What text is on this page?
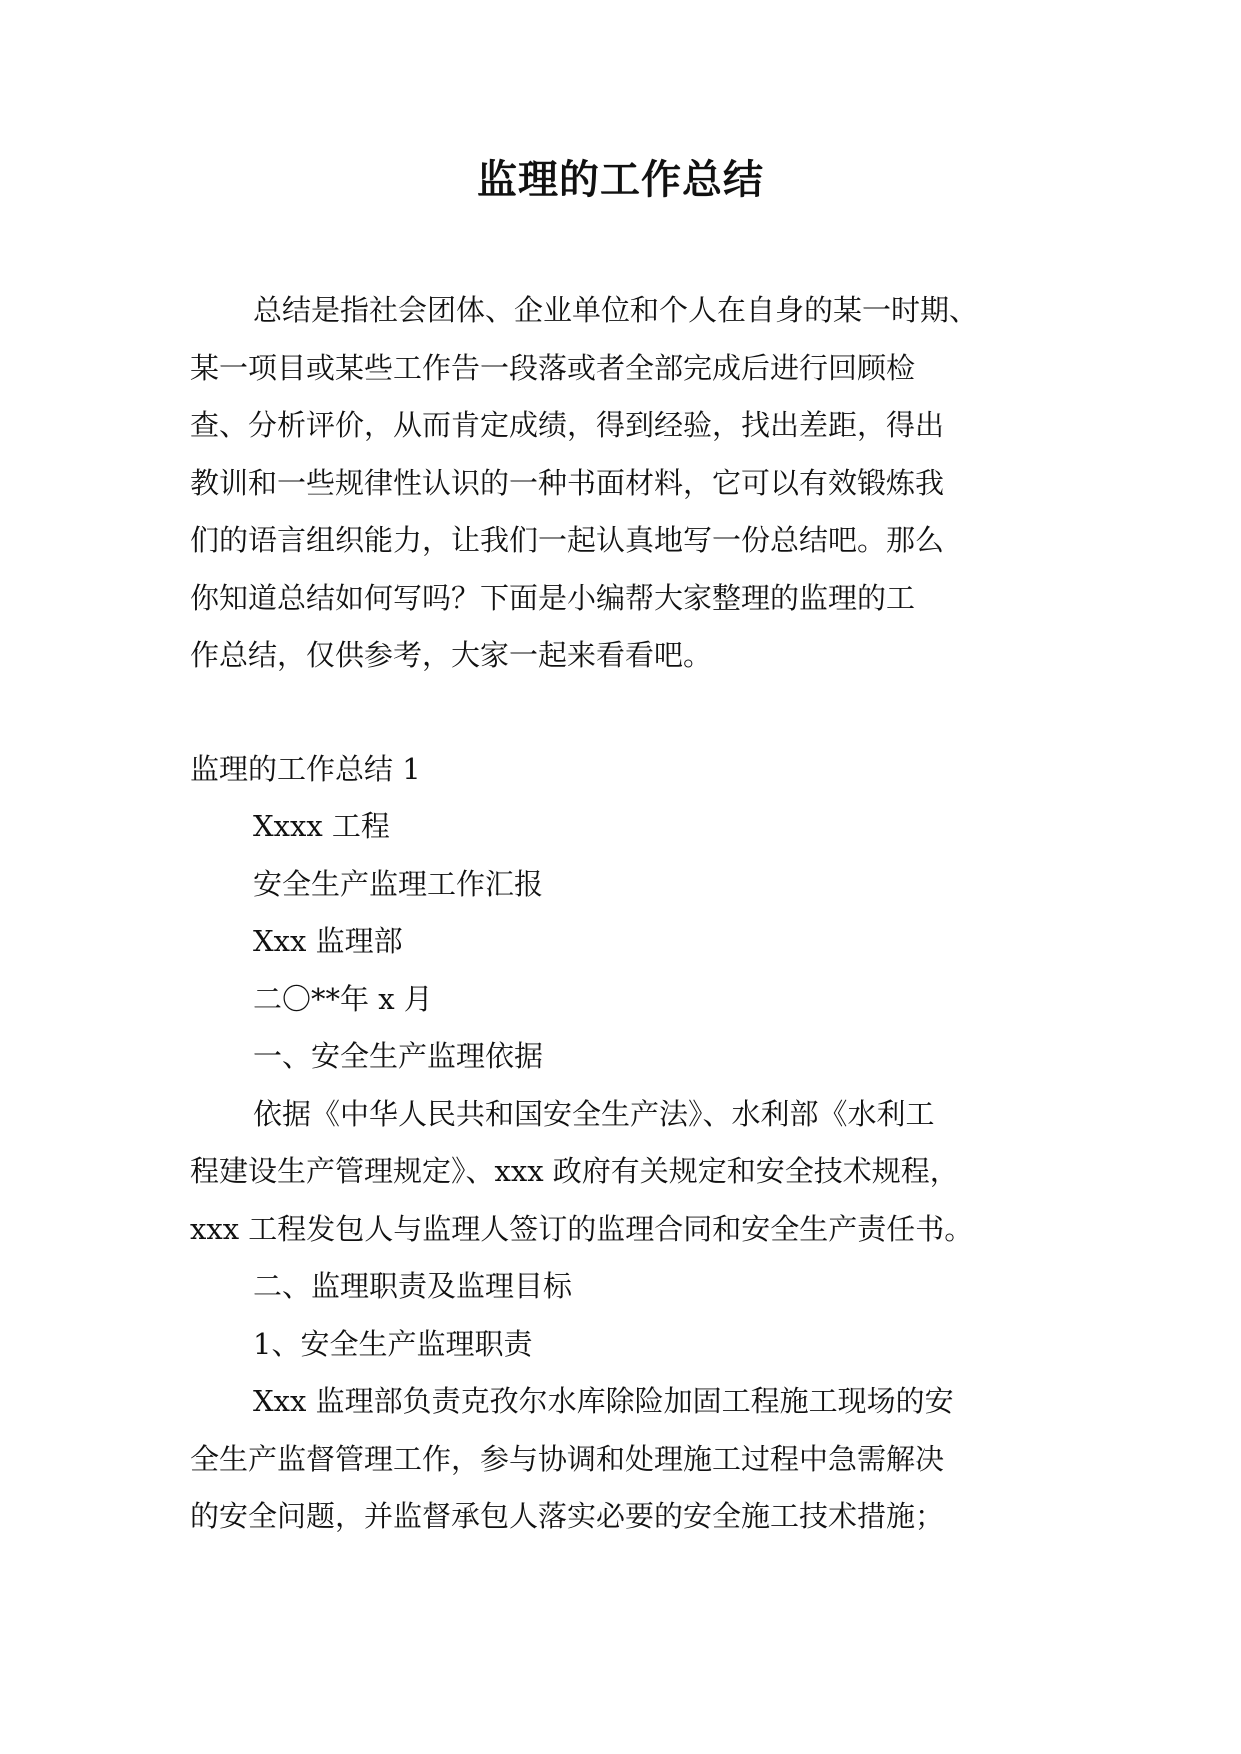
监理的工作总结

总结是指社会团体、企业单位和个人在自身的某一时期、

某一项目或某些工作告一段落或者全部完成后进行回顾检

查、分析评价，从而肯定成绩，得到经验，找出差距，得出

教训和一些规律性认识的一种书面材料，它可以有效锻炼我

们的语言组织能力，让我们一起认真地写一份总结吧。那么

你知道总结如何写吗？下面是小编帮大家整理的监理的工

作总结，仅供参考，大家一起来看看吧。

监理的工作总结 1

Xxxx 工程

安全生产监理工作汇报

Xxx 监理部

二〇**年 x 月

一、安全生产监理依据

依据《中华人民共和国安全生产法》、水利部《水利工

程建设生产管理规定》、xxx 政府有关规定和安全技术规程，

xxx 工程发包人与监理人签订的监理合同和安全生产责任书。

二、监理职责及监理目标

1、安全生产监理职责

Xxx 监理部负责克孜尔水库除险加固工程施工现场的安

全生产监督管理工作，参与协调和处理施工过程中急需解决

的安全问题，并监督承包人落实必要的安全施工技术措施；
